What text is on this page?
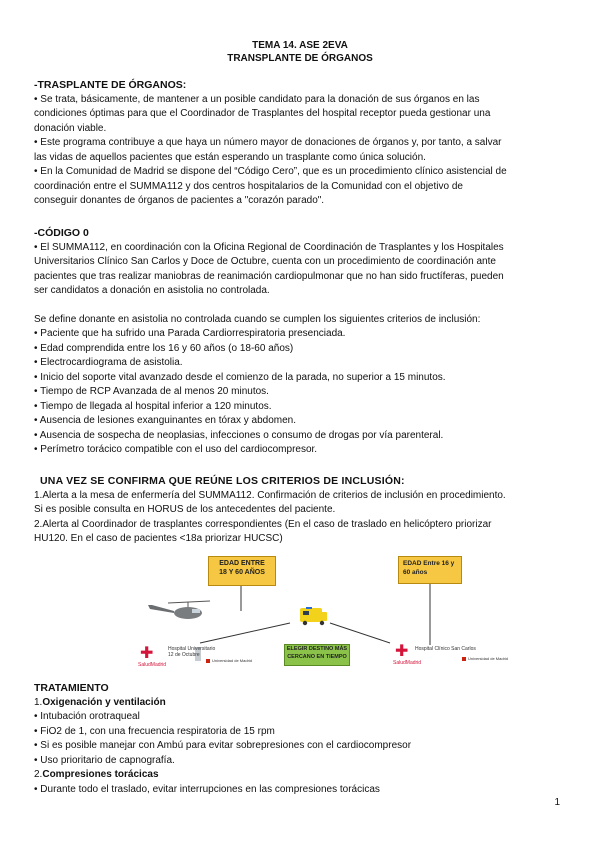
TEMA 14. ASE 2EVA
TRANSPLANTE DE ÓRGANOS
-TRASPLANTE DE ÓRGANOS:
• Se trata, básicamente, de mantener a un posible candidato para la donación de sus órganos en las
condiciones óptimas para que el Coordinador de Trasplantes del hospital receptor pueda gestionar una
donación viable.
• Este programa contribuye a que haya un número mayor de donaciones de órganos y, por tanto, a salvar
las vidas de aquellos pacientes que están esperando un trasplante como única solución.
• En la Comunidad de Madrid se dispone del “Código Cero”, que es un procedimiento clínico asistencial de
coordinación entre el SUMMA112 y dos centros hospitalarios de la Comunidad con el objetivo de
conseguir donantes de órganos de pacientes a "corazón parado".
-CÓDIGO 0
• El SUMMA112, en coordinación con la Oficina Regional de Coordinación de Trasplantes y los Hospitales
Universitarios Clínico San Carlos y Doce de Octubre, cuenta con un procedimiento de coordinación ante
pacientes que tras realizar maniobras de reanimación cardiopulmonar que no han sido fructíferas, pueden
ser candidatos a donación en asistolia no controlada.
Se define donante en asistolia no controlada cuando se cumplen los siguientes criterios de inclusión:
• Paciente que ha sufrido una Parada Cardiorrespiratoria presenciada.
• Edad comprendida entre los 16 y 60 años (o 18-60 años)
• Electrocardiograma de asistolia.
• Inicio del soporte vital avanzado desde el comienzo de la parada, no superior a 15 minutos.
• Tiempo de RCP Avanzada de al menos 20 minutos.
• Tiempo de llegada al hospital inferior a 120 minutos.
• Ausencia de lesiones exanguinantes en tórax y abdomen.
• Ausencia de sospecha de neoplasias, infecciones o consumo de drogas por vía parenteral.
• Perímetro torácico compatible con el uso del cardiocompresor.
UNA VEZ SE CONFIRMA QUE REÚNE LOS CRITERIOS DE INCLUSIÓN:
1.Alerta a la mesa de enfermería del SUMMA112. Confirmación de criterios de inclusión en procedimiento.
Si es posible consulta en HORUS de los antecedentes del paciente.
2.Alerta al Coordinador de trasplantes correspondientes (En el caso de traslado en helicóptero priorizar
HU120. En el caso de pacientes <18a priorizar HUCSC)
EDAD ENTRE
18 Y 60 AÑOS
EDAD Entre 16 y
60 años
ELEGIR DESTINO MÁS
CERCANO EN TIEMPO
✚
SaludMadrid
Hospital Universitario
12 de Octubre
Universidad de Madrid
✚
SaludMadrid
Hospital Clínico San Carlos
Universidad de Madrid
TRATAMIENTO
1.Oxigenación y ventilación
• Intubación orotraqueal
• FiO2 de 1, con una frecuencia respiratoria de 15 rpm
• Si es posible manejar con Ambú para evitar sobrepresiones con el cardiocompresor
• Uso prioritario de capnografía.
2.Compresiones torácicas
• Durante todo el traslado, evitar interrupciones en las compresiones torácicas
1
